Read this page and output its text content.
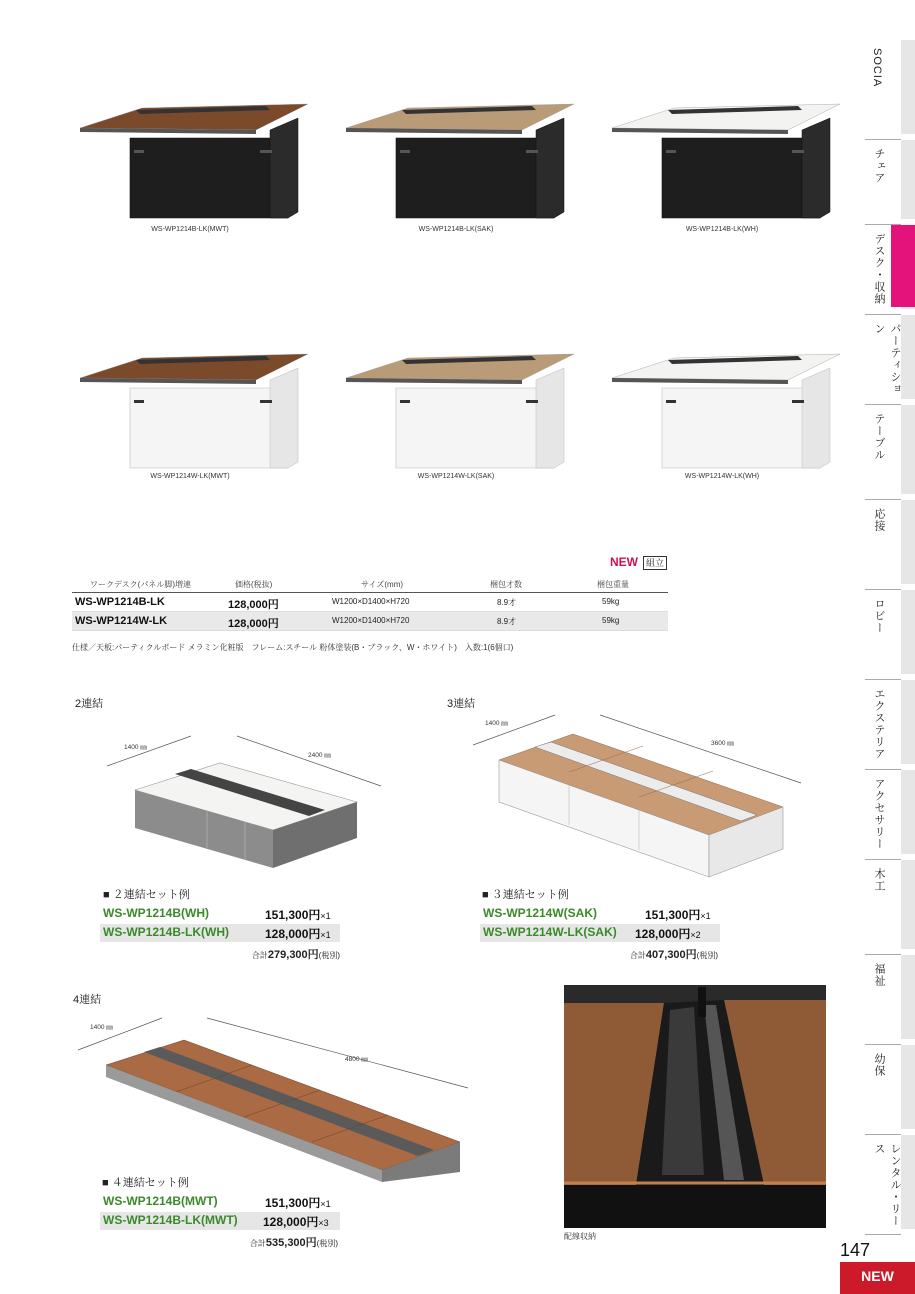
WS-WP1214B-LK(MWT)	WS-WP1214B-LK(SAK)	WS-WP1214B-LK(WH)
WS-WP1214W-LK(MWT)	WS-WP1214W-LK(SAK)	WS-WP1214W-LK(WH)
NEW 組立
ワークデスク(パネル脚)増連	価格(税抜)	サイズ(mm)	梱包才数	梱包重量
WS-WP1214B-LK	128,000円	W1200×D1400×H720	8.9才	59kg
WS-WP1214W-LK	128,000円	W1200×D1400×H720	8.9才	59kg
仕様／天板:パーティクルボード メラミン化粧版　フレーム:スチール 粉体塗装(B・ブラック、W・ホワイト)　入数:1(6個口)
2連結
1400 ㎜
2400 ㎜
■ ２連結セット例
WS-WP1214B(WH)	151,300円×1
WS-WP1214B-LK(WH)	128,000円×1
合計279,300円(税別)
3連結
1400 ㎜
3600 ㎜
■ ３連結セット例
WS-WP1214W(SAK)	151,300円×1
WS-WP1214W-LK(SAK) 128,000円×2
合計407,300円(税別)
4連結
1400 ㎜
4800 ㎜
■ ４連結セット例
WS-WP1214B(MWT)	151,300円×1
WS-WP1214B-LK(MWT) 128,000円×3
合計535,300円(税別)
配線収納
SOCIA
チェア
デスク・収納
パーティション
テーブル
応接
ロビー
エクステリア
アクセサリー
木工
福祉
幼保
レンタル・リース
147
NEW
